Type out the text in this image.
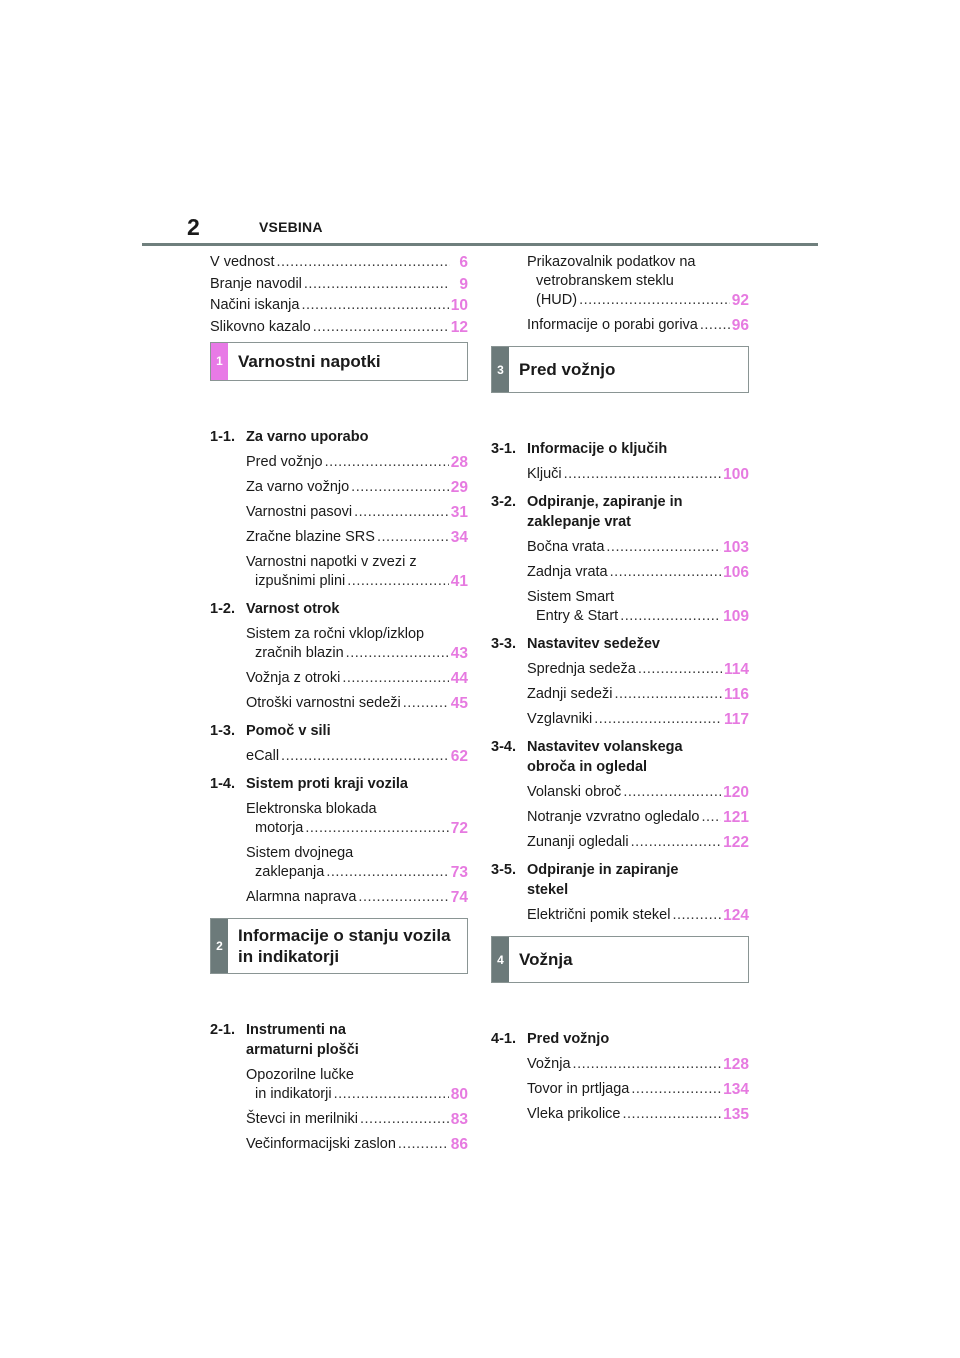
2	VSEBINA
V vednost .....	6
Branje navodil .....	9
Načini iskanja .....	10
Slikovno kazalo .....	12
1 Varnostni napotki
1-1. Za varno uporabo
Pred vožnjo .....	28
Za varno vožnjo .....	29
Varnostni pasovi .....	31
Zračne blazine SRS .....	34
Varnostni napotki v zvezi z
izpušnimi plini .....	41
1-2. Varnost otrok
Sistem za ročni vklop/izklop
zračnih blazin .....	43
Vožnja z otroki .....	44
Otroški varnostni sedeži .....	45
1-3. Pomoč v sili
eCall .....	62
1-4. Sistem proti kraji vozila
Elektronska blokada
motorja .....	72
Sistem dvojnega
zaklepanja .....	73
Alarmna naprava .....	74
2
Informacije o stanju vozila
in indikatorji
2-1. Instrumenti na
armaturni plošči
Opozorilne lučke
in indikatorji .....	80
Števci in merilniki .....	83
Večinformacijski zaslon .....	86
Prikazovalnik podatkov na
vetrobranskem steklu
(HUD) .....	92
Informacije o porabi goriva ..... 96
3 Pred vožnjo
3-1. Informacije o ključih
Ključi .....	100
3-2. Odpiranje, zapiranje in
zaklepanje vrat
Bočna vrata .....	103
Zadnja vrata .....	106
Sistem Smart
Entry & Start .....	109
3-3. Nastavitev sedežev
Sprednja sedeža .....	114
Zadnji sedeži .....	116
Vzglavniki .....	117
3-4. Nastavitev volanskega
obroča in ogledal
Volanski obroč .....	120
Notranje vzvratno ogledalo ..... 121
Zunanji ogledali .....	122
3-5. Odpiranje in zapiranje
stekel
Električni pomik stekel .....	124
4 Vožnja
4-1. Pred vožnjo
Vožnja .....	128
Tovor in prtljaga .....	134
Vleka prikolice .....	135
